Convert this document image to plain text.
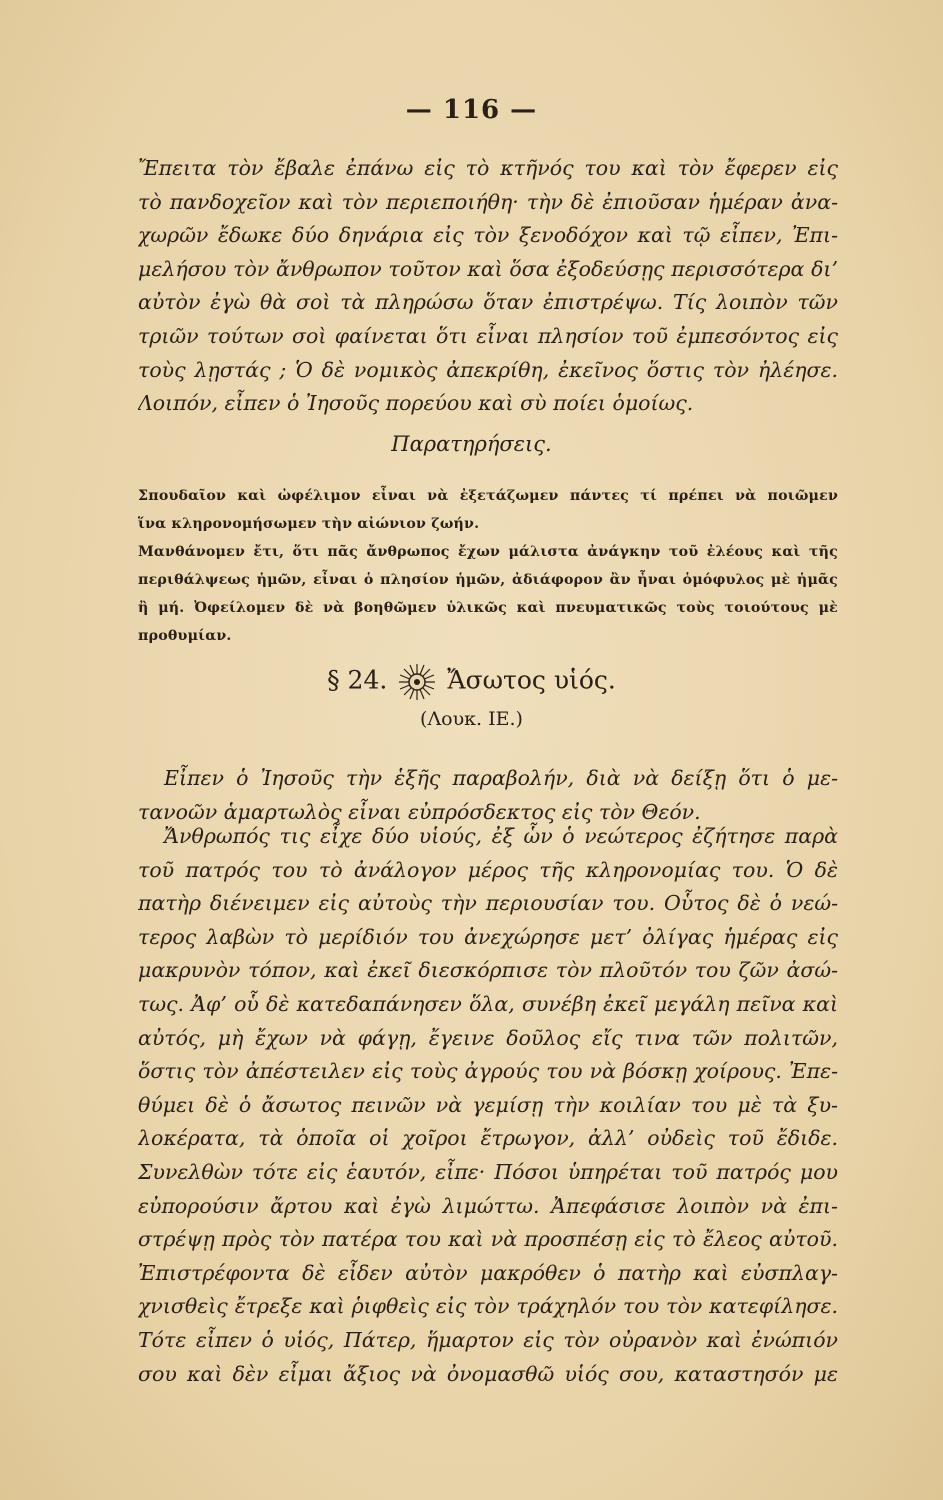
— 116 —
Ἔπειτα τὸν ἔβαλε ἐπάνω εἰς τὸ κτῆνός του καὶ τὸν ἔφερεν εἰς
τὸ πανδοχεῖον καὶ τὸν περιεποιήθη· τὴν δὲ ἐπιοῦσαν ἡμέραν ἀνα-
χωρῶν ἔδωκε δύο δηνάρια εἰς τὸν ξενοδόχον καὶ τῷ εἶπεν, Ἐπι-
μελήσου τὸν ἄνθρωπον τοῦτον καὶ ὅσα ἐξοδεύσῃς περισσότερα δι’
αὐτὸν ἐγὼ θὰ σοὶ τὰ πληρώσω ὅταν ἐπιστρέψω. Τίς λοιπὸν τῶν
τριῶν τούτων σοὶ φαίνεται ὅτι εἶναι πλησίον τοῦ ἐμπεσόντος εἰς
τοὺς λῃστάς ; Ὁ δὲ νομικὸς ἀπεκρίθη, ἐκεῖνος ὅστις τὸν ἠλέησε.
Λοιπόν, εἶπεν ὁ Ἰησοῦς πορεύου καὶ σὺ ποίει ὁμοίως.
Παρατηρήσεις.
Σπουδαῖον καὶ ὠφέλιμον εἶναι νὰ ἐξετάζωμεν πάντες τί πρέπει νὰ ποιῶμεν
ἵνα κληρονομήσωμεν τὴν αἰώνιον ζωήν.
Μανθάνομεν ἔτι, ὅτι πᾶς ἄνθρωπος ἔχων μάλιστα ἀνάγκην τοῦ ἐλέους καὶ τῆς
περιθάλψεως ἡμῶν, εἶναι ὁ πλησίον ἡμῶν, ἀδιάφορον ἂν ἦναι ὁμόφυλος μὲ ἡμᾶς
ἢ μή. Ὀφείλομεν δὲ νὰ βοηθῶμεν ὑλικῶς καὶ πνευματικῶς τοὺς τοιούτους μὲ
προθυμίαν.
§ 24. Ἄσωτος υἱός.
(Λουκ. ΙΕ.)
Εἶπεν ὁ Ἰησοῦς τὴν ἑξῆς παραβολήν, διὰ νὰ δείξῃ ὅτι ὁ με-
τανοῶν ἁμαρτωλὸς εἶναι εὐπρόσδεκτος εἰς τὸν Θεόν.
Ἄνθρωπός τις εἶχε δύο υἱούς, ἐξ ὧν ὁ νεώτερος ἐζήτησε παρὰ
τοῦ πατρός του τὸ ἀνάλογον μέρος τῆς κληρονομίας του. Ὁ δὲ
πατὴρ διένειμεν εἰς αὐτοὺς τὴν περιουσίαν του. Οὗτος δὲ ὁ νεώ-
τερος λαβὼν τὸ μερίδιόν του ἀνεχώρησε μετ’ ὀλίγας ἡμέρας εἰς
μακρυνὸν τόπον, καὶ ἐκεῖ διεσκόρπισε τὸν πλοῦτόν του ζῶν ἀσώ-
τως. Ἀφ’ οὗ δὲ κατεδαπάνησεν ὅλα, συνέβη ἐκεῖ μεγάλη πεῖνα καὶ
αὐτός, μὴ ἔχων νὰ φάγῃ, ἔγεινε δοῦλος εἴς τινα τῶν πολιτῶν,
ὅστις τὸν ἀπέστειλεν εἰς τοὺς ἀγρούς του νὰ βόσκῃ χοίρους. Ἐπε-
θύμει δὲ ὁ ἄσωτος πεινῶν νὰ γεμίσῃ τὴν κοιλίαν του μὲ τὰ ξυ-
λοκέρατα, τὰ ὁποῖα οἱ χοῖροι ἔτρωγον, ἀλλ’ οὐδεὶς τοῦ ἔδιδε.
Συνελθὼν τότε εἰς ἑαυτόν, εἶπε· Πόσοι ὑπηρέται τοῦ πατρός μου
εὐπορούσιν ἄρτου καὶ ἐγὼ λιμώττω. Ἀπεφάσισε λοιπὸν νὰ ἐπι-
στρέψῃ πρὸς τὸν πατέρα του καὶ νὰ προσπέσῃ εἰς τὸ ἔλεος αὐτοῦ.
Ἐπιστρέφοντα δὲ εἶδεν αὐτὸν μακρόθεν ὁ πατὴρ καὶ εὐσπλαγ-
χνισθεὶς ἔτρεξε καὶ ῥιφθεὶς εἰς τὸν τράχηλόν του τὸν κατεφίλησε.
Τότε εἶπεν ὁ υἱός, Πάτερ, ἥμαρτον εἰς τὸν οὐρανὸν καὶ ἐνώπιόν
σου καὶ δὲν εἶμαι ἄξιος νὰ ὀνομασθῶ υἱός σου, καταστησόν με
